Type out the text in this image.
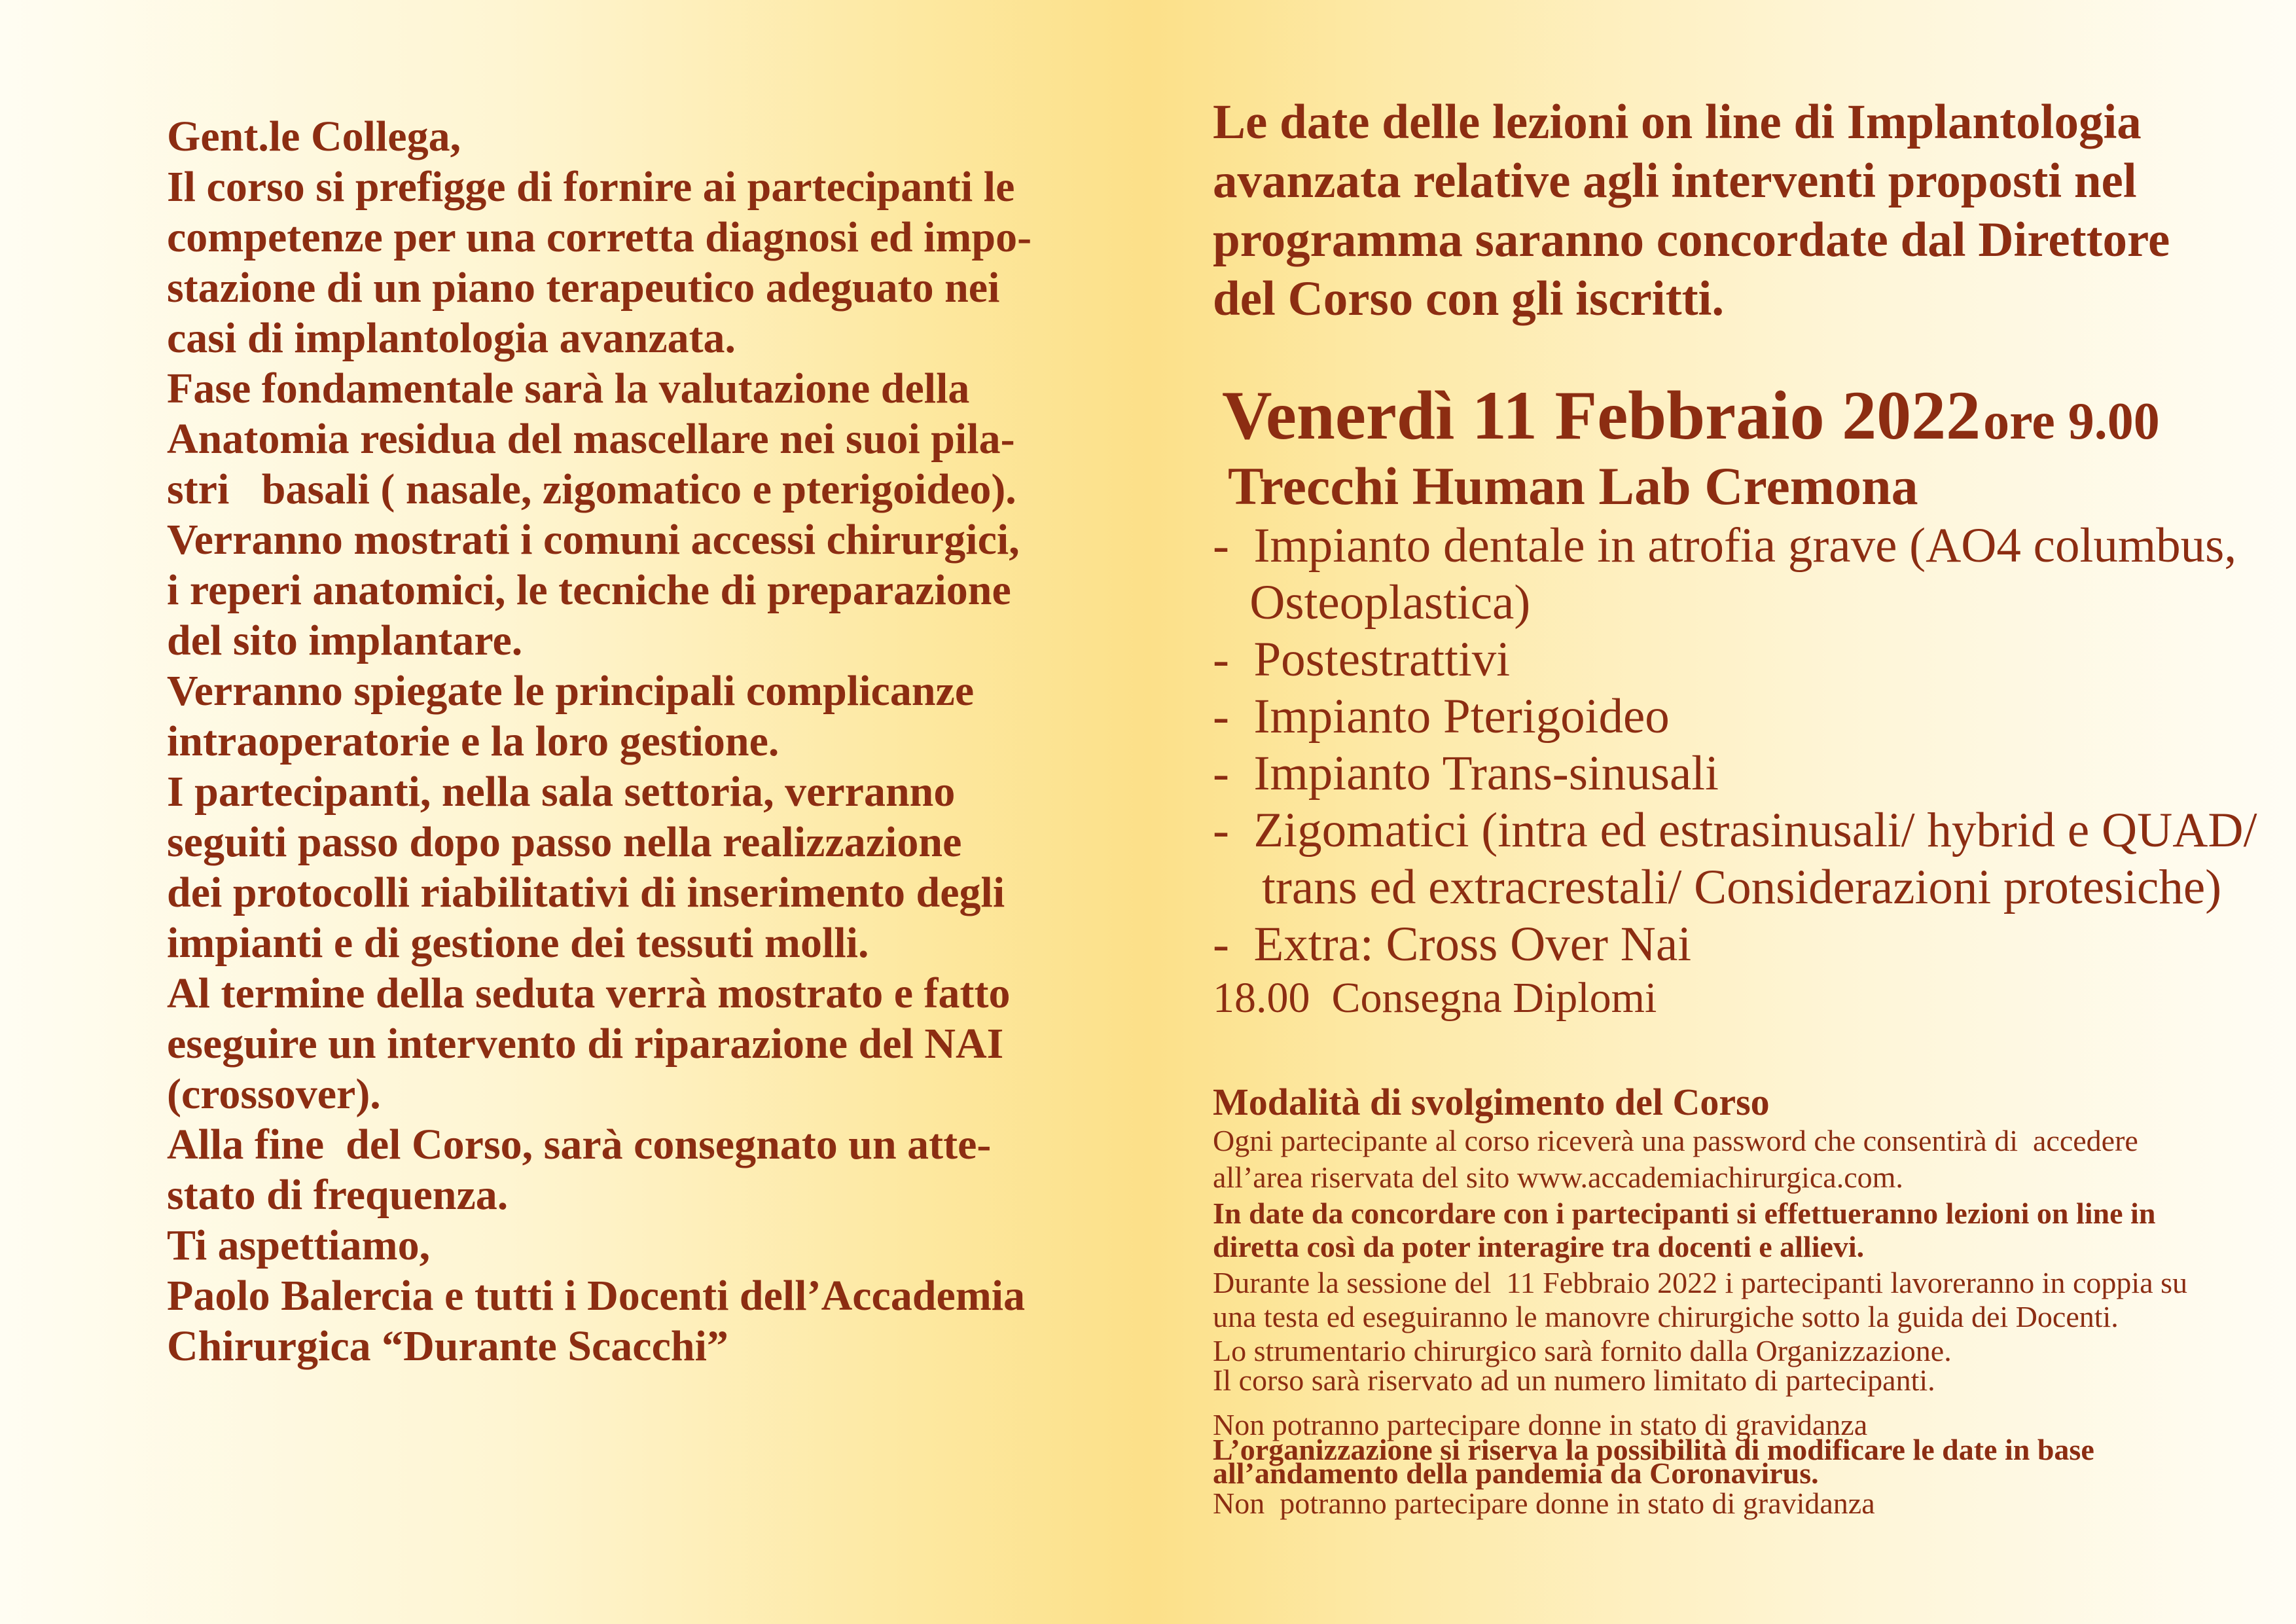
Gent.le Collega,
Il corso si prefigge di fornire ai partecipanti le
competenze per una corretta diagnosi ed impo-
stazione di un piano terapeutico adeguato nei
casi di implantologia avanzata.
Fase fondamentale sarà la valutazione della
Anatomia residua del mascellare nei suoi pila-
stri   basali ( nasale, zigomatico e pterigoideo).
Verranno mostrati i comuni accessi chirurgici,
i reperi anatomici, le tecniche di preparazione
del sito implantare.
Verranno spiegate le principali complicanze
intraoperatorie e la loro gestione.
I partecipanti, nella sala settoria, verranno
seguiti passo dopo passo nella realizzazione
dei protocolli riabilitativi di inserimento degli
impianti e di gestione dei tessuti molli.
Al termine della seduta verrà mostrato e fatto
eseguire un intervento di riparazione del NAI
(crossover).
Alla fine  del Corso, sarà consegnato un atte-
stato di frequenza.
Ti aspettiamo,
Paolo Balercia e tutti i Docenti dell’Accademia
Chirurgica “Durante Scacchi”
Le date delle lezioni on line di Implantologia
avanzata relative agli interventi proposti nel
programma saranno concordate dal Direttore
del Corso con gli iscritti.
Venerdì 11 Febbraio 2022 ore 9.00
Trecchi Human Lab Cremona
-  Impianto dentale in atrofia grave (AO4 columbus,
Osteoplastica)
-  Postestrattivi
-  Impianto Pterigoideo
-  Impianto Trans-sinusali
-  Zigomatici (intra ed estrasinusali/ hybrid e QUAD/
trans ed extracrestali/ Considerazioni protesiche)
-  Extra: Cross Over Nai
18.00  Consegna Diplomi
Modalità di svolgimento del Corso
Ogni partecipante al corso riceverà una password che consentirà di  accedere
all’area riservata del sito www.accademiachirurgica.com.
In date da concordare con i partecipanti si effettueranno lezioni on line in
diretta così da poter interagire tra docenti e allievi.
Durante la sessione del  11 Febbraio 2022 i partecipanti lavoreranno in coppia su
una testa ed eseguiranno le manovre chirurgiche sotto la guida dei Docenti.
Lo strumentario chirurgico sarà fornito dalla Organizzazione.
Il corso sarà riservato ad un numero limitato di partecipanti.
Non potranno partecipare donne in stato di gravidanza
L’organizzazione si riserva la possibilità di modificare le date in base
all’andamento della pandemia da Coronavirus.
Non  potranno partecipare donne in stato di gravidanza
